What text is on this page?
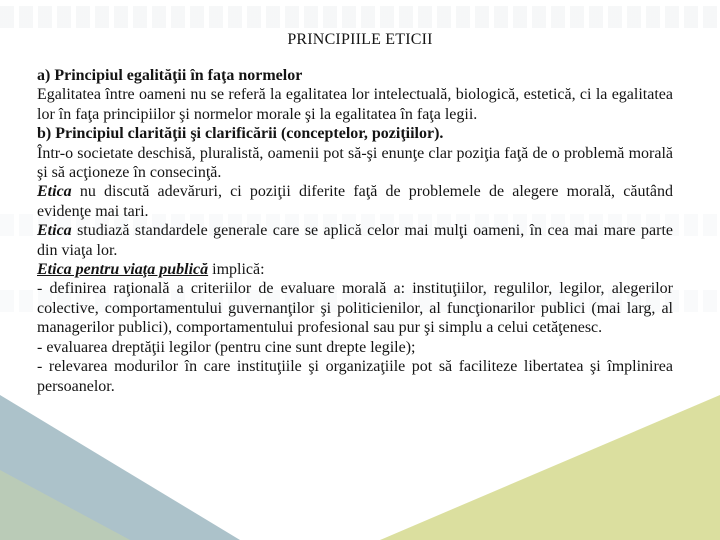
PRINCIPIILE ETICII

a) Principiul egalităţii în faţa normelor

Egalitatea între oameni nu se referă la egalitatea lor intelectuală, biologică, estetică, ci la egalitatea lor în faţa principiilor şi normelor morale şi la egalitatea în faţa legii.

b) Principiul clarităţii şi clarificării (conceptelor, poziţiilor).

Într-o societate deschisă, pluralistă, oamenii pot să-şi enunţe clar poziţia faţă de o problemă morală şi să acţioneze în consecinţă.

Etica nu discută adevăruri, ci poziţii diferite faţă de problemele de alegere morală, căutând evidenţe mai tari.

Etica studiază standardele generale care se aplică celor mai mulţi oameni, în cea mai mare parte din viaţa lor.

Etica pentru viaţa publică implică:

- definirea raţională a criteriilor de evaluare morală a: instituţiilor, regulilor, legilor, alegerilor colective, comportamentului guvernanţilor şi politicienilor, al funcţionarilor publici (mai larg, al managerilor publici), comportamentului profesional sau pur şi simplu a celui cetăţenesc.

- evaluarea dreptăţii legilor (pentru cine sunt drepte legile);

- relevarea modurilor în care instituţiile şi organizaţiile pot să faciliteze libertatea şi împlinirea persoanelor.
